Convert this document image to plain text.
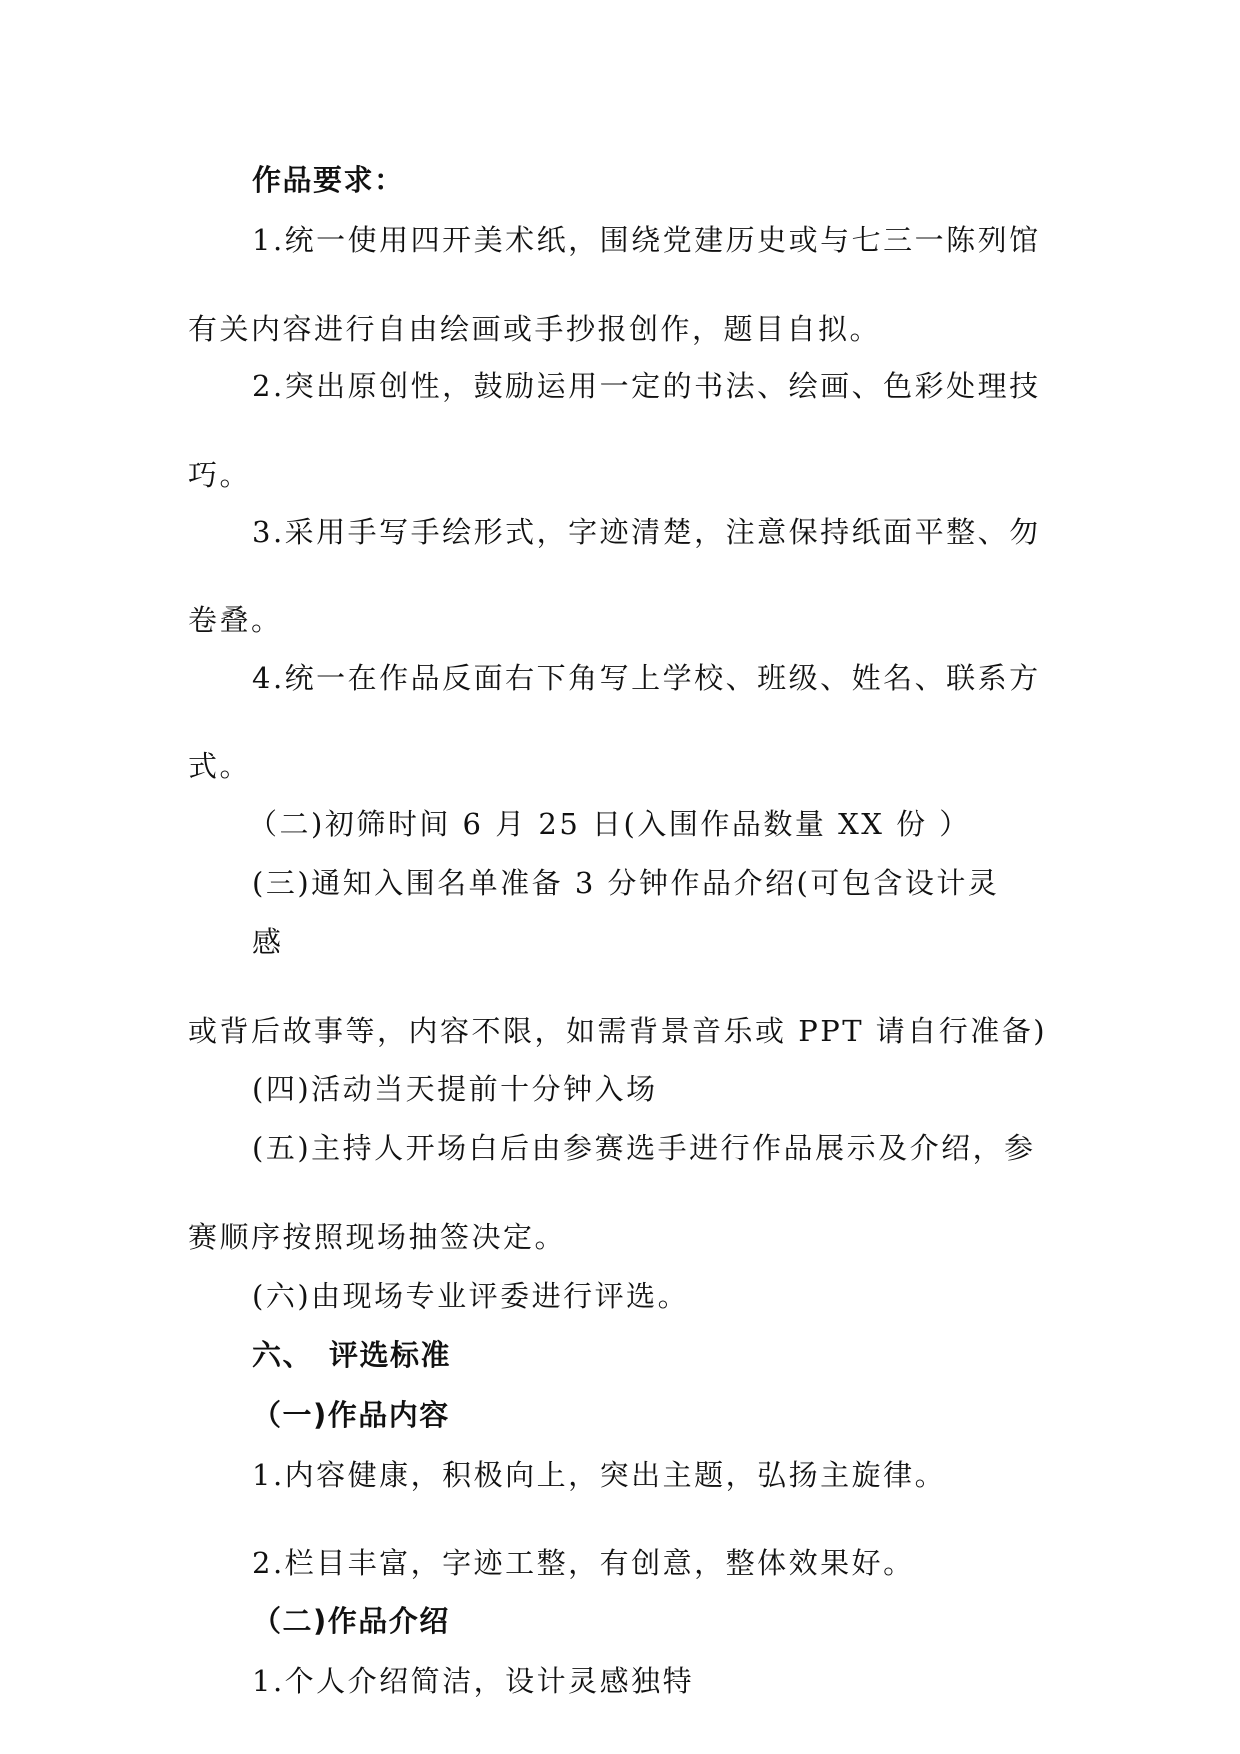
作品要求：
1.统一使用四开美术纸，围绕党建历史或与七三一陈列馆
有关内容进行自由绘画或手抄报创作，题目自拟。
2.突出原创性，鼓励运用一定的书法、绘画、色彩处理技
巧。
3.采用手写手绘形式，字迹清楚，注意保持纸面平整、勿
卷叠。
4.统一在作品反面右下角写上学校、班级、姓名、联系方
式。
（二)初筛时间 6 月 25 日(入围作品数量 XX 份 ）
(三)通知入围名单准备 3 分钟作品介绍(可包含设计灵
感
或背后故事等，内容不限，如需背景音乐或 PPT 请自行准备)
(四)活动当天提前十分钟入场
(五)主持人开场白后由参赛选手进行作品展示及介绍，参
赛顺序按照现场抽签决定。
(六)由现场专业评委进行评选。
六、　评选标准
（一)作品内容
1.内容健康，积极向上，突出主题，弘扬主旋律。
2.栏目丰富，字迹工整，有创意，整体效果好。
（二)作品介绍
1.个人介绍简洁，设计灵感独特
